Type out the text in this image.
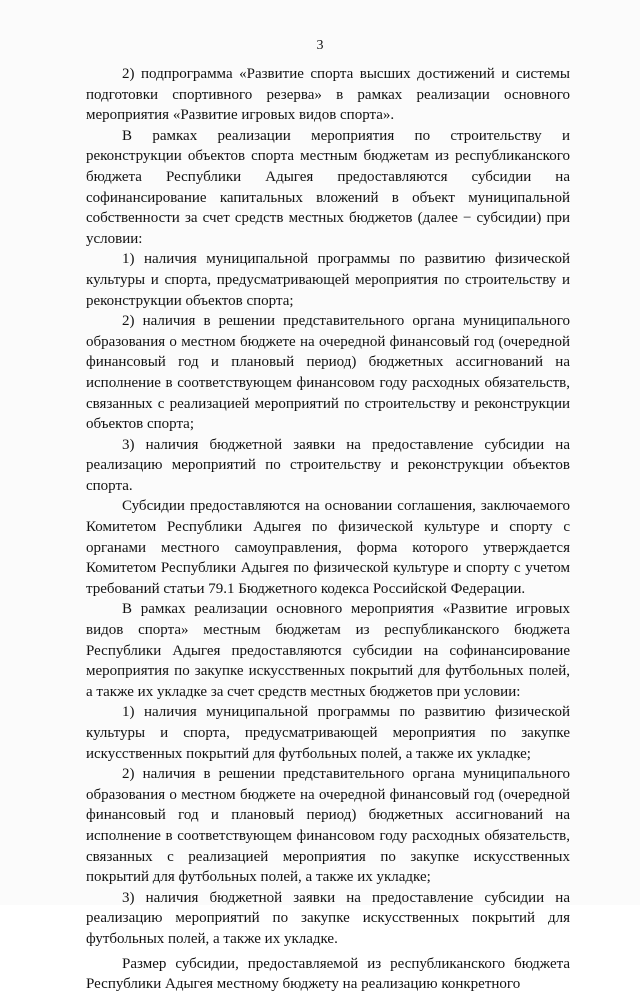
3

2) подпрограмма «Развитие спорта высших достижений и системы подготовки спортивного резерва» в рамках реализации основного мероприятия «Развитие игровых видов спорта».

В рамках реализации мероприятия по строительству и реконструкции объектов спорта местным бюджетам из республиканского бюджета Республики Адыгея предоставляются субсидии на софинансирование капитальных вложений в объект муниципальной собственности за счет средств местных бюджетов (далее − субсидии) при условии:

1) наличия муниципальной программы по развитию физической культуры и спорта, предусматривающей мероприятия по строительству и реконструкции объектов спорта;

2) наличия в решении представительного органа муниципального образования о местном бюджете на очередной финансовый год (очередной финансовый год и плановый период) бюджетных ассигнований на исполнение в соответствующем финансовом году расходных обязательств, связанных с реализацией мероприятий по строительству и реконструкции объектов спорта;

3) наличия бюджетной заявки на предоставление субсидии на реализацию мероприятий по строительству и реконструкции объектов спорта.

Субсидии предоставляются на основании соглашения, заключаемого Комитетом Республики Адыгея по физической культуре и спорту с органами местного самоуправления, форма которого утверждается Комитетом Республики Адыгея по физической культуре и спорту с учетом требований статьи 79.1 Бюджетного кодекса Российской Федерации.

В рамках реализации основного мероприятия «Развитие игровых видов спорта» местным бюджетам из республиканского бюджета Республики Адыгея предоставляются субсидии на софинансирование мероприятия по закупке искусственных покрытий для футбольных полей, а также их укладке за счет средств местных бюджетов при условии:

1) наличия муниципальной программы по развитию физической культуры и спорта, предусматривающей мероприятия по закупке искусственных покрытий для футбольных полей, а также их укладке;

2) наличия в решении представительного органа муниципального образования о местном бюджете на очередной финансовый год (очередной финансовый год и плановый период) бюджетных ассигнований на исполнение в соответствующем финансовом году расходных обязательств, связанных с реализацией мероприятия по закупке искусственных покрытий для футбольных полей, а также их укладке;

3) наличия бюджетной заявки на предоставление субсидии на реализацию мероприятий по закупке искусственных покрытий для футбольных полей, а также их укладке.

Размер субсидии, предоставляемой из республиканского бюджета Республики Адыгея местному бюджету на реализацию конкретного
